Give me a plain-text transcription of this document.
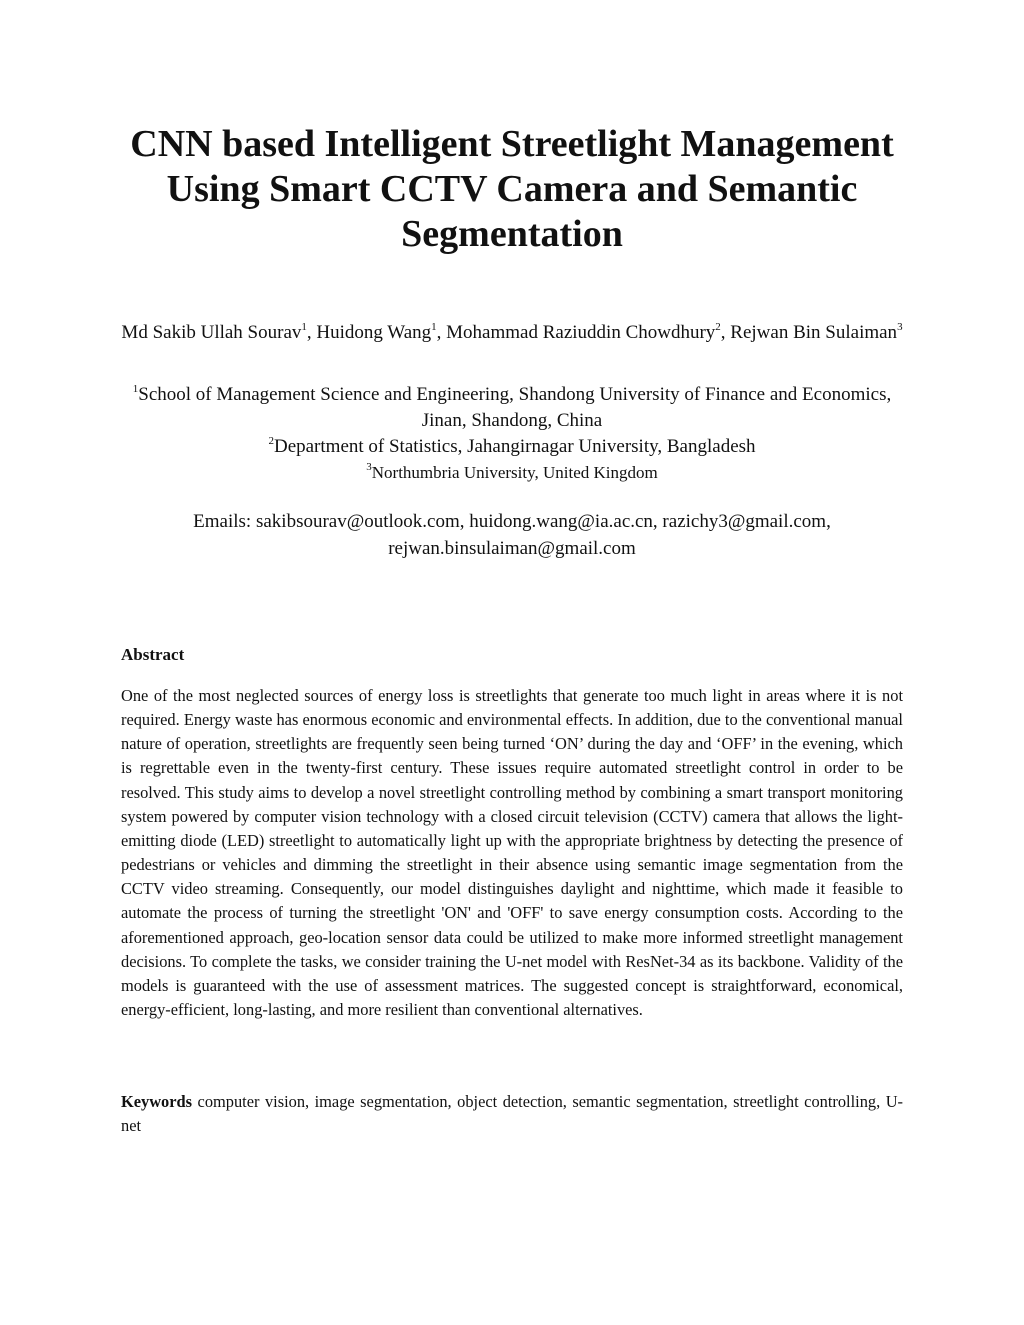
CNN based Intelligent Streetlight Management Using Smart CCTV Camera and Semantic Segmentation

Md Sakib Ullah Sourav$^1$, Huidong Wang$^1$, Mohammad Raziuddin Chowdhury$^2$, Rejwan Bin Sulaiman$^3$

$^1$School of Management Science and Engineering, Shandong University of Finance and Economics, Jinan, Shandong, China
$^2$Department of Statistics, Jahangirnagar University, Bangladesh
$^3$Northumbria University, United Kingdom

Emails: sakibsourav@outlook.com, huidong.wang@ia.ac.cn, razichy3@gmail.com, rejwan.binsulaiman@gmail.com

Abstract

One of the most neglected sources of energy loss is streetlights that generate too much light in areas where it is not required. Energy waste has enormous economic and environmental effects. In addition, due to the conventional manual nature of operation, streetlights are frequently seen being turned ‘ON’ during the day and ‘OFF’ in the evening, which is regrettable even in the twenty-first century. These issues require automated streetlight control in order to be resolved. This study aims to develop a novel streetlight controlling method by combining a smart transport monitoring system powered by computer vision technology with a closed circuit television (CCTV) camera that allows the light-emitting diode (LED) streetlight to automatically light up with the appropriate brightness by detecting the presence of pedestrians or vehicles and dimming the streetlight in their absence using semantic image segmentation from the CCTV video streaming. Consequently, our model distinguishes daylight and nighttime, which made it feasible to automate the process of turning the streetlight 'ON' and 'OFF' to save energy consumption costs. According to the aforementioned approach, geo-location sensor data could be utilized to make more informed streetlight management decisions. To complete the tasks, we consider training the U-net model with ResNet-34 as its backbone. Validity of the models is guaranteed with the use of assessment matrices. The suggested concept is straightforward, economical, energy-efficient, long-lasting, and more resilient than conventional alternatives.

Keywords computer vision, image segmentation, object detection, semantic segmentation, streetlight controlling, U-net
